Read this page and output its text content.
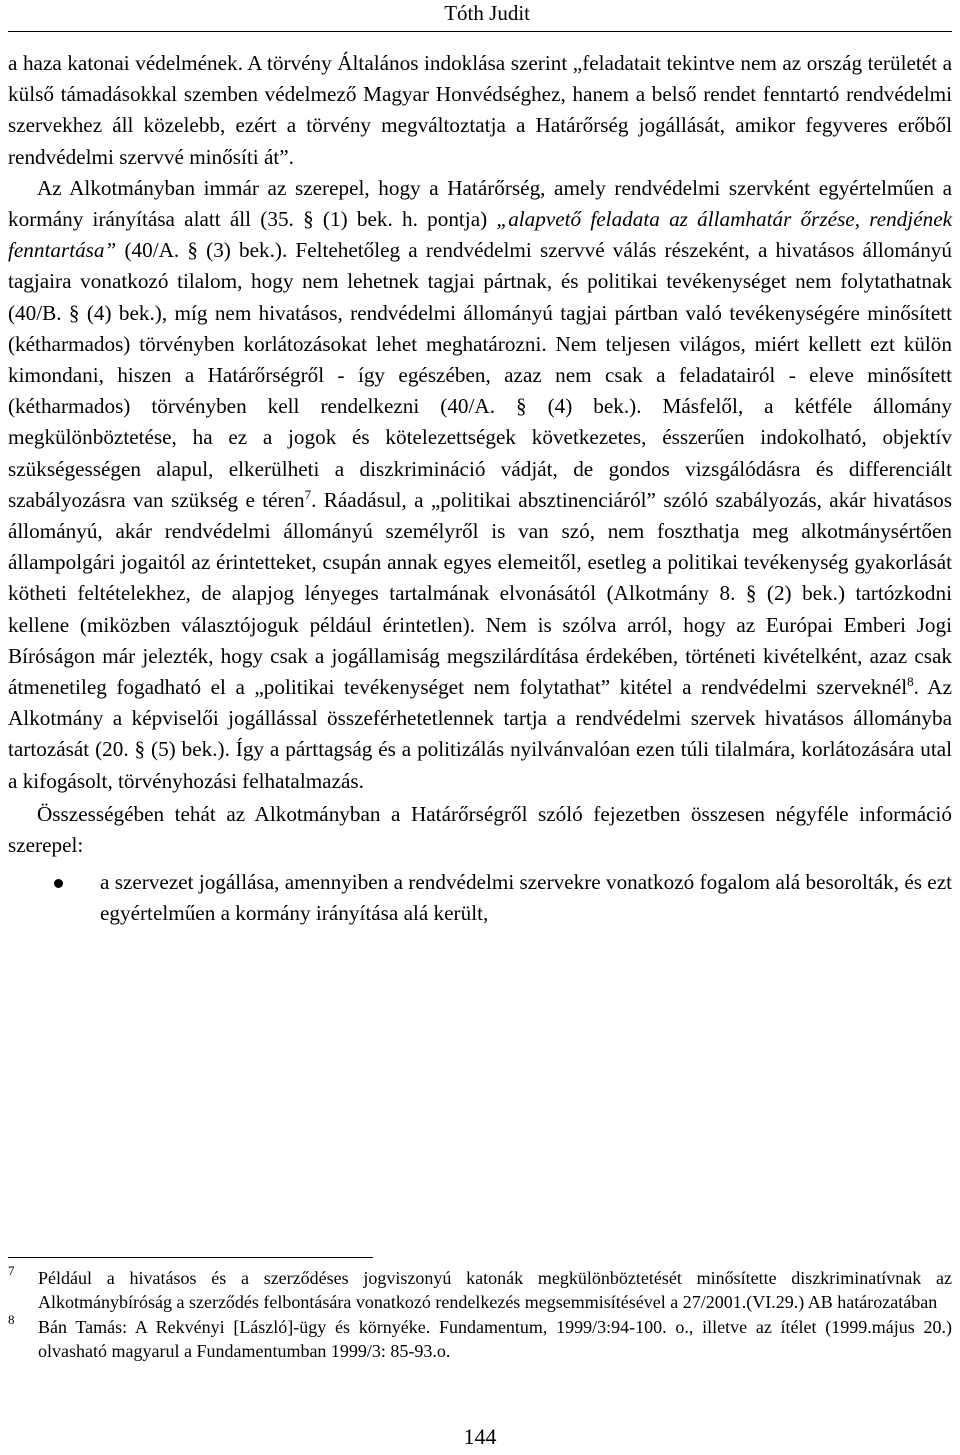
Tóth Judit

a haza katonai védelmének. A törvény Általános indoklása szerint „feladatait tekintve nem az ország területét a külső támadásokkal szemben védelmező Magyar Honvédséghez, hanem a belső rendet fenntartó rendvédelmi szervekhez áll közelebb, ezért a törvény megváltoztatja a Határőrség jogállását, amikor fegyveres erőből rendvédelmi szervvé minősíti át”.

Az Alkotmányban immár az szerepel, hogy a Határőrség, amely rendvédelmi szervként egyértelműen a kormány irányítása alatt áll (35. § (1) bek. h. pontja) „alapvető feladata az államhatár őrzése, rendjének fenntartása” (40/A. § (3) bek.). Feltehetőleg a rendvédelmi szervvé válás részeként, a hivatásos állományú tagjaira vonatkozó tilalom, hogy nem lehetnek tagjai pártnak, és politikai tevékenységet nem folytathatnak (40/B. § (4) bek.), míg nem hivatásos, rendvédelmi állományú tagjai pártban való tevékenységére minősített (kétharmados) törvényben korlátozásokat lehet meghatározni. Nem teljesen világos, miért kellett ezt külön kimondani, hiszen a Határőrségről - így egészében, azaz nem csak a feladatairól - eleve minősített (kétharmados) törvényben kell rendelkezni (40/A. § (4) bek.). Másfelől, a kétféle állomány megkülönböztetése, ha ez a jogok és kötelezettségek következetes, ésszerűen indokolható, objektív szükségességen alapul, elkerülheti a diszkrimináció vádját, de gondos vizsgálódásra és differenciált szabályozásra van szükség e téren$^7$. Ráadásul, a „politikai absztinenciáról” szóló szabályozás, akár hivatásos állományú, akár rendvédelmi állományú személyről is van szó, nem foszthatja meg alkotmánysértően állampolgári jogaitól az érintetteket, csupán annak egyes elemeitől, esetleg a politikai tevékenység gyakorlását kötheti feltételekhez, de alapjog lényeges tartalmának elvonásától (Alkotmány 8. § (2) bek.) tartózkodni kellene (miközben választójoguk például érintetlen). Nem is szólva arról, hogy az Európai Emberi Jogi Bíróságon már jelezték, hogy csak a jogállamiság megszilárdítása érdekében, történeti kivételként, azaz csak átmenetileg fogadható el a „politikai tevékenységet nem folytathat” kitétel a rendvédelmi szerveknél$^8$. Az Alkotmány a képviselői jogállással összeférhetetlennek tartja a rendvédelmi szervek hivatásos állományba tartozását (20. § (5) bek.). Így a párttagság és a politizálás nyilvánvalóan ezen túli tilalmára, korlátozására utal a kifogásolt, törvényhozási felhatalmazás.

Összességében tehát az Alkotmányban a Határőrségről szóló fejezetben összesen négyféle információ szerepel:

a szervezet jogállása, amennyiben a rendvédelmi szervekre vonatkozó fogalom alá besorolták, és ezt egyértelműen a kormány irányítása alá került,

7 Például a hivatásos és a szerződéses jogviszonyú katonák megkülönböztetését minősítette diszkriminatívnak az Alkotmánybíróság a szerződés felbontására vonatkozó rendelkezés megsemmisítésével a 27/2001.(VI.29.) AB határozatában
8 Bán Tamás: A Rekvényi [László]-ügy és környéke. Fundamentum, 1999/3:94-100. o., illetve az ítélet (1999.május 20.) olvasható magyarul a Fundamentumban 1999/3: 85-93.o.
144
